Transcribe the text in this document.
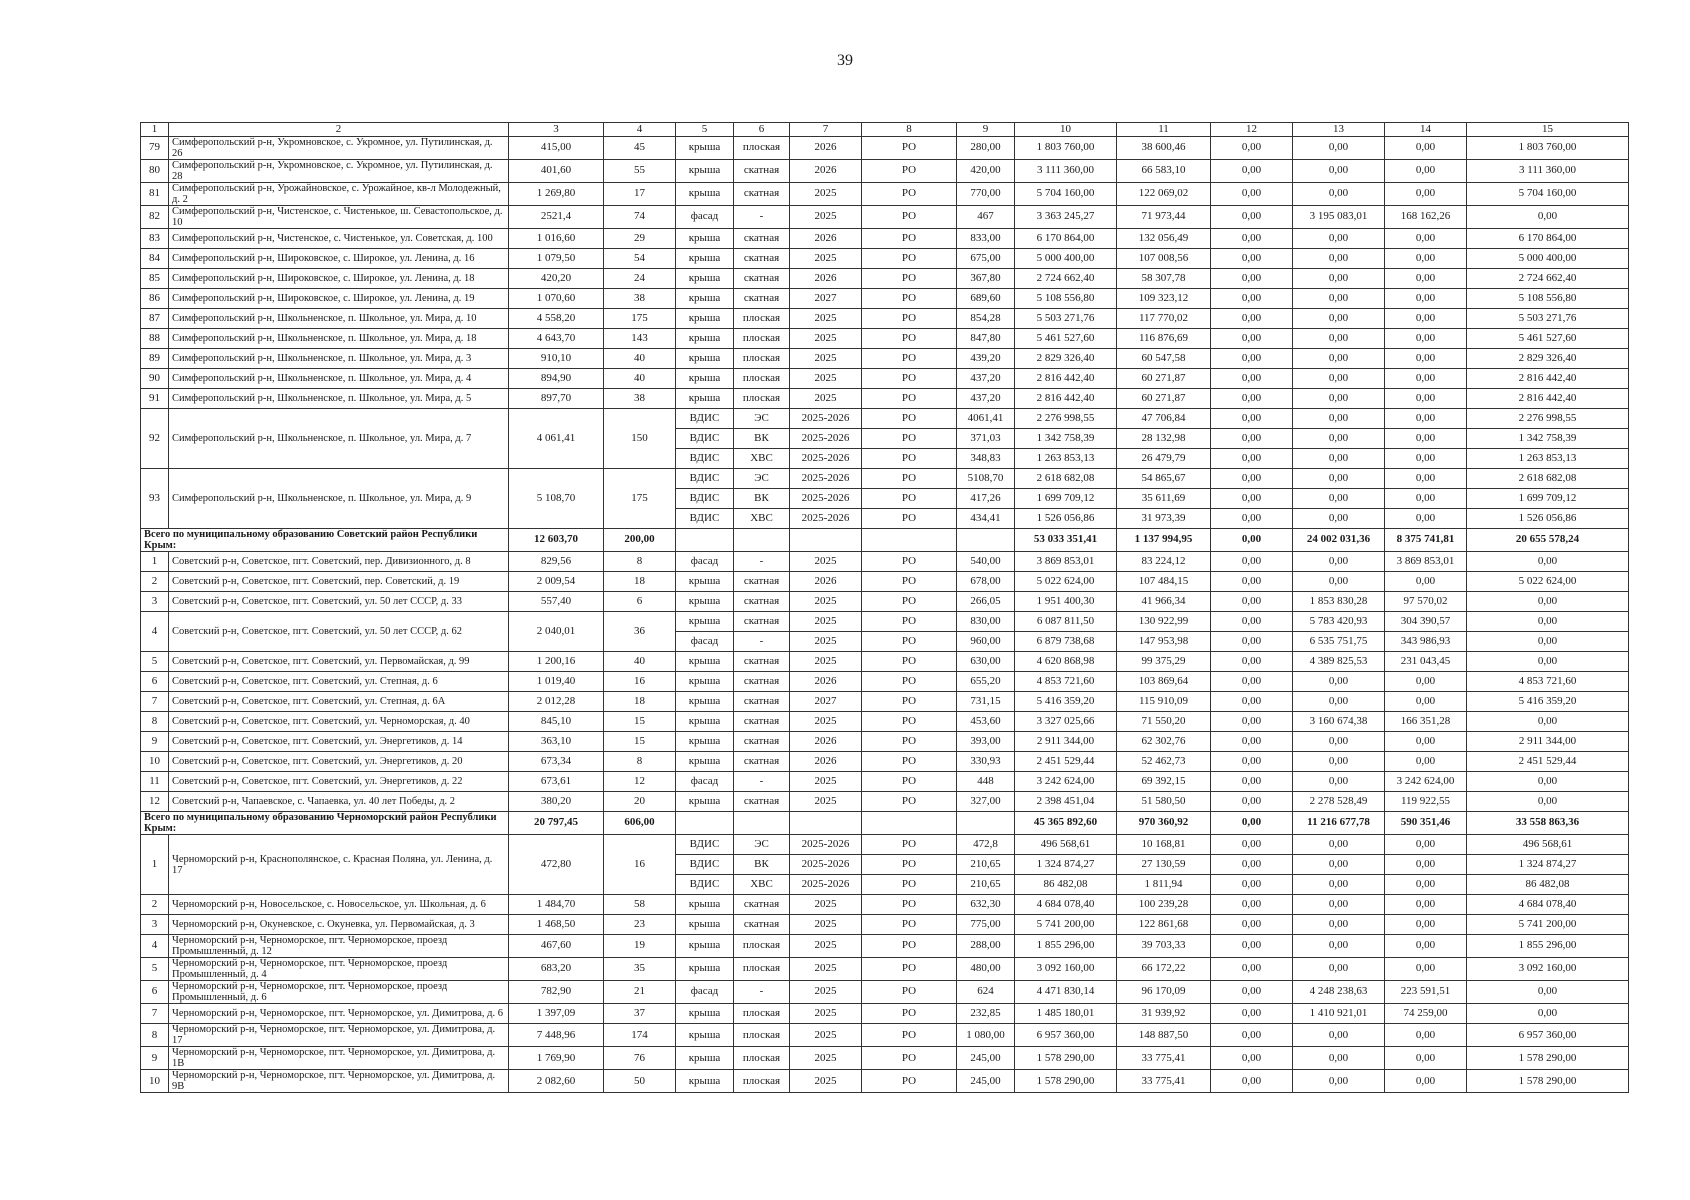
39
1	2	3	4	5	6	7	8	9	10	11	12	13	14	15
79	Симферопольский р-н, Укромновское, с. Укромное, ул. Путилинская, д. 26	415,00	45	крыша	плоская	2026	РО	280,00	1 803 760,00	38 600,46	0,00	0,00	0,00	1 803 760,00
80	Симферопольский р-н, Укромновское, с. Укромное, ул. Путилинская, д. 28	401,60	55	крыша	скатная	2026	РО	420,00	3 111 360,00	66 583,10	0,00	0,00	0,00	3 111 360,00
81	Симферопольский р-н, Урожайновское, с. Урожайное, кв-л Молодежный, д. 2	1 269,80	17	крыша	скатная	2025	РО	770,00	5 704 160,00	122 069,02	0,00	0,00	0,00	5 704 160,00
82	Симферопольский р-н, Чистенское, с. Чистенькое, ш. Севастопольское, д. 10	2521,4	74	фасад	-	2025	РО	467	3 363 245,27	71 973,44	0,00	3 195 083,01	168 162,26	0,00
83	Симферопольский р-н, Чистенское, с. Чистенькое, ул. Советская, д. 100	1 016,60	29	крыша	скатная	2026	РО	833,00	6 170 864,00	132 056,49	0,00	0,00	0,00	6 170 864,00
84	Симферопольский р-н, Широковское, с. Широкое, ул. Ленина, д. 16	1 079,50	54	крыша	скатная	2025	РО	675,00	5 000 400,00	107 008,56	0,00	0,00	0,00	5 000 400,00
85	Симферопольский р-н, Широковское, с. Широкое, ул. Ленина, д. 18	420,20	24	крыша	скатная	2026	РО	367,80	2 724 662,40	58 307,78	0,00	0,00	0,00	2 724 662,40
86	Симферопольский р-н, Широковское, с. Широкое, ул. Ленина, д. 19	1 070,60	38	крыша	скатная	2027	РО	689,60	5 108 556,80	109 323,12	0,00	0,00	0,00	5 108 556,80
87	Симферопольский р-н, Школьненское, п. Школьное, ул. Мира, д. 10	4 558,20	175	крыша	плоская	2025	РО	854,28	5 503 271,76	117 770,02	0,00	0,00	0,00	5 503 271,76
88	Симферопольский р-н, Школьненское, п. Школьное, ул. Мира, д. 18	4 643,70	143	крыша	плоская	2025	РО	847,80	5 461 527,60	116 876,69	0,00	0,00	0,00	5 461 527,60
89	Симферопольский р-н, Школьненское, п. Школьное, ул. Мира, д. 3	910,10	40	крыша	плоская	2025	РО	439,20	2 829 326,40	60 547,58	0,00	0,00	0,00	2 829 326,40
90	Симферопольский р-н, Школьненское, п. Школьное, ул. Мира, д. 4	894,90	40	крыша	плоская	2025	РО	437,20	2 816 442,40	60 271,87	0,00	0,00	0,00	2 816 442,40
91	Симферопольский р-н, Школьненское, п. Школьное, ул. Мира, д. 5	897,70	38	крыша	плоская	2025	РО	437,20	2 816 442,40	60 271,87	0,00	0,00	0,00	2 816 442,40
92	Симферопольский р-н, Школьненское, п. Школьное, ул. Мира, д. 7	4 061,41	150	ВДИС	ЭС	2025-2026	РО	4061,41	2 276 998,55	47 706,84	0,00	0,00	0,00	2 276 998,55
				ВДИС	ВК	2025-2026	РО	371,03	1 342 758,39	28 132,98	0,00	0,00	0,00	1 342 758,39
				ВДИС	ХВС	2025-2026	РО	348,83	1 263 853,13	26 479,79	0,00	0,00	0,00	1 263 853,13
93	Симферопольский р-н, Школьненское, п. Школьное, ул. Мира, д. 9	5 108,70	175	ВДИС	ЭС	2025-2026	РО	5108,70	2 618 682,08	54 865,67	0,00	0,00	0,00	2 618 682,08
				ВДИС	ВК	2025-2026	РО	417,26	1 699 709,12	35 611,69	0,00	0,00	0,00	1 699 709,12
				ВДИС	ХВС	2025-2026	РО	434,41	1 526 056,86	31 973,39	0,00	0,00	0,00	1 526 056,86
Всего по муниципальному образованию Советский район Республики Крым:		12 603,70	200,00						53 033 351,41	1 137 994,95	0,00	24 002 031,36	8 375 741,81	20 655 578,24
1	Советский р-н, Советское, пгт. Советский, пер. Дивизионного, д. 8	829,56	8	фасад	-	2025	РО	540,00	3 869 853,01	83 224,12	0,00	0,00	3 869 853,01	0,00
2	Советский р-н, Советское, пгт. Советский, пер. Советский, д. 19	2 009,54	18	крыша	скатная	2026	РО	678,00	5 022 624,00	107 484,15	0,00	0,00	0,00	5 022 624,00
3	Советский р-н, Советское, пгт. Советский, ул. 50 лет СССР, д. 33	557,40	6	крыша	скатная	2025	РО	266,05	1 951 400,30	41 966,34	0,00	1 853 830,28	97 570,02	0,00
4	Советский р-н, Советское, пгт. Советский, ул. 50 лет СССР, д. 62	2 040,01	36	крыша	скатная	2025	РО	830,00	6 087 811,50	130 922,99	0,00	5 783 420,93	304 390,57	0,00
				фасад	-	2025	РО	960,00	6 879 738,68	147 953,98	0,00	6 535 751,75	343 986,93	0,00
5	Советский р-н, Советское, пгт. Советский, ул. Первомайская, д. 99	1 200,16	40	крыша	скатная	2025	РО	630,00	4 620 868,98	99 375,29	0,00	4 389 825,53	231 043,45	0,00
6	Советский р-н, Советское, пгт. Советский, ул. Степная, д. 6	1 019,40	16	крыша	скатная	2026	РО	655,20	4 853 721,60	103 869,64	0,00	0,00	0,00	4 853 721,60
7	Советский р-н, Советское, пгт. Советский, ул. Степная, д. 6А	2 012,28	18	крыша	скатная	2027	РО	731,15	5 416 359,20	115 910,09	0,00	0,00	0,00	5 416 359,20
8	Советский р-н, Советское, пгт. Советский, ул. Черноморская, д. 40	845,10	15	крыша	скатная	2025	РО	453,60	3 327 025,66	71 550,20	0,00	3 160 674,38	166 351,28	0,00
9	Советский р-н, Советское, пгт. Советский, ул. Энергетиков, д. 14	363,10	15	крыша	скатная	2026	РО	393,00	2 911 344,00	62 302,76	0,00	0,00	0,00	2 911 344,00
10	Советский р-н, Советское, пгт. Советский, ул. Энергетиков, д. 20	673,34	8	крыша	скатная	2026	РО	330,93	2 451 529,44	52 462,73	0,00	0,00	0,00	2 451 529,44
11	Советский р-н, Советское, пгт. Советский, ул. Энергетиков, д. 22	673,61	12	фасад	-	2025	РО	448	3 242 624,00	69 392,15	0,00	0,00	3 242 624,00	0,00
12	Советский р-н, Чапаевское, с. Чапаевка, ул. 40 лет Победы, д. 2	380,20	20	крыша	скатная	2025	РО	327,00	2 398 451,04	51 580,50	0,00	2 278 528,49	119 922,55	0,00
Всего по муниципальному образованию Черноморский район Республики Крым:		20 797,45	606,00						45 365 892,60	970 360,92	0,00	11 216 677,78	590 351,46	33 558 863,36
1	Черноморский р-н, Краснополянское, с. Красная Поляна, ул. Ленина, д. 17	472,80	16	ВДИС	ЭС	2025-2026	РО	472,8	496 568,61	10 168,81	0,00	0,00	0,00	496 568,61
				ВДИС	ВК	2025-2026	РО	210,65	1 324 874,27	27 130,59	0,00	0,00	0,00	1 324 874,27
				ВДИС	ХВС	2025-2026	РО	210,65	86 482,08	1 811,94	0,00	0,00	0,00	86 482,08
2	Черноморский р-н, Новосельское, с. Новосельское, ул. Школьная, д. 6	1 484,70	58	крыша	скатная	2025	РО	632,30	4 684 078,40	100 239,28	0,00	0,00	0,00	4 684 078,40
3	Черноморский р-н, Окуневское, с. Окуневка, ул. Первомайская, д. 3	1 468,50	23	крыша	скатная	2025	РО	775,00	5 741 200,00	122 861,68	0,00	0,00	0,00	5 741 200,00
4	Черноморский р-н, Черноморское, пгт. Черноморское, проезд Промышленный, д. 12	467,60	19	крыша	плоская	2025	РО	288,00	1 855 296,00	39 703,33	0,00	0,00	0,00	1 855 296,00
5	Черноморский р-н, Черноморское, пгт. Черноморское, проезд Промышленный, д. 4	683,20	35	крыша	плоская	2025	РО	480,00	3 092 160,00	66 172,22	0,00	0,00	0,00	3 092 160,00
6	Черноморский р-н, Черноморское, пгт. Черноморское, проезд Промышленный, д. 6	782,90	21	фасад	-	2025	РО	624	4 471 830,14	96 170,09	0,00	4 248 238,63	223 591,51	0,00
7	Черноморский р-н, Черноморское, пгт. Черноморское, ул. Димитрова, д. 6	1 397,09	37	крыша	плоская	2025	РО	232,85	1 485 180,01	31 939,92	0,00	1 410 921,01	74 259,00	0,00
8	Черноморский р-н, Черноморское, пгт. Черноморское, ул. Димитрова, д. 17	7 448,96	174	крыша	плоская	2025	РО	1 080,00	6 957 360,00	148 887,50	0,00	0,00	0,00	6 957 360,00
9	Черноморский р-н, Черноморское, пгт. Черноморское, ул. Димитрова, д. 1В	1 769,90	76	крыша	плоская	2025	РО	245,00	1 578 290,00	33 775,41	0,00	0,00	0,00	1 578 290,00
10	Черноморский р-н, Черноморское, пгт. Черноморское, ул. Димитрова, д. 9В	2 082,60	50	крыша	плоская	2025	РО	245,00	1 578 290,00	33 775,41	0,00	0,00	0,00	1 578 290,00
